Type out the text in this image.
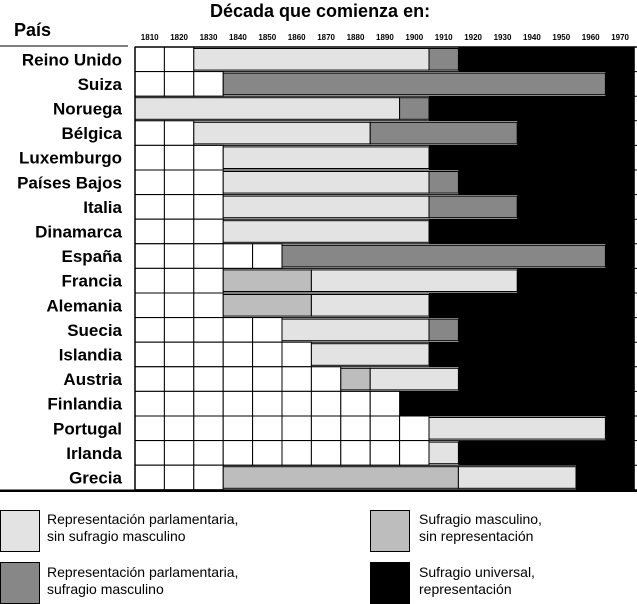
País
Década que comienza en:
1810 1820 1830 1840 1850 1860 1870 1880 1890 1900 1910 1920 1930 1940 1950 1960 1970
Reino Unido
Suiza
Noruega
Bélgica
Luxemburgo
Países Bajos
Italia
Dinamarca
España
Francia
Alemania
Suecia
Islandia
Austria
Finlandia
Portugal
Irlanda
Grecia
Representación parlamentaria,
sin sufragio masculino
Sufragio masculino,
sin representación
Representación parlamentaria,
sufragio masculino
Sufragio universal,
representación
